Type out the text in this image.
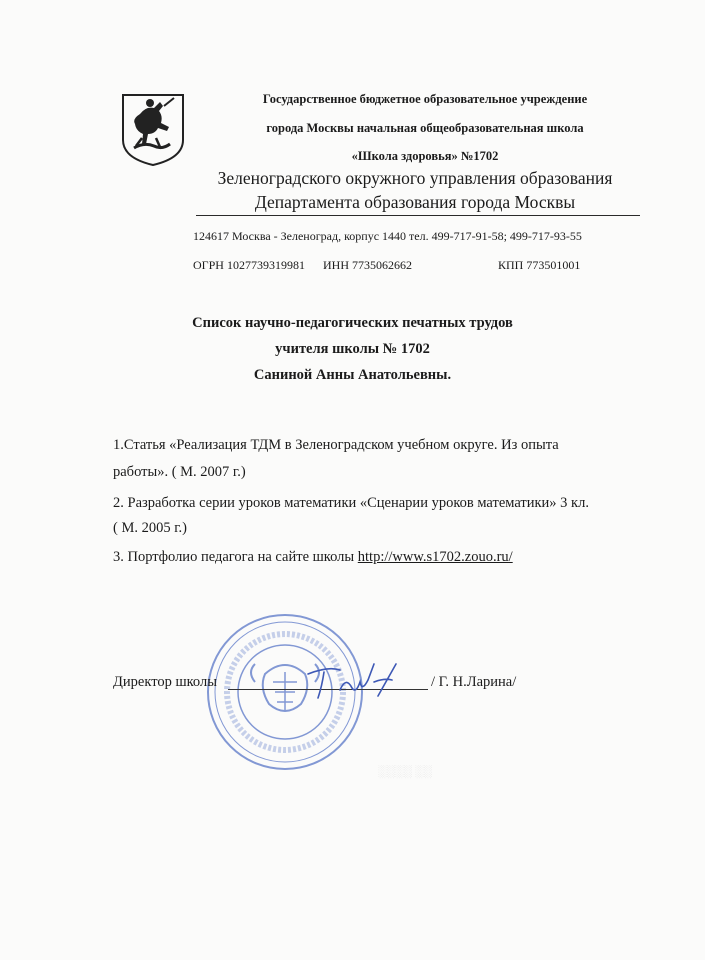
Государственное бюджетное образовательное учреждение
города Москвы начальная общеобразовательная школа
«Школа здоровья» №1702
Зеленоградского окружного управления образования
Департамента образования города Москвы
124617 Москва - Зеленоград, корпус 1440 тел. 499-717-91-58; 499-717-93-55
ОГРН 1027739319981 ИНН 7735062662	КПП 773501001
Список научно-педагогических печатных трудов
учителя школы № 1702
Саниной Анны Анатольевны.
1.Статья «Реализация ТДМ в Зеленоградском учебном округе. Из опыта
работы». ( М. 2007 г.)
2. Разработка серии уроков математики «Сценарии уроков математики» 3 кл.
( М. 2005 г.)
3. Портфолио педагога на сайте школы http://www.s1702.zouo.ru/
Директор школы	/ Г. Н.Ларина/
░░░░ ░░
